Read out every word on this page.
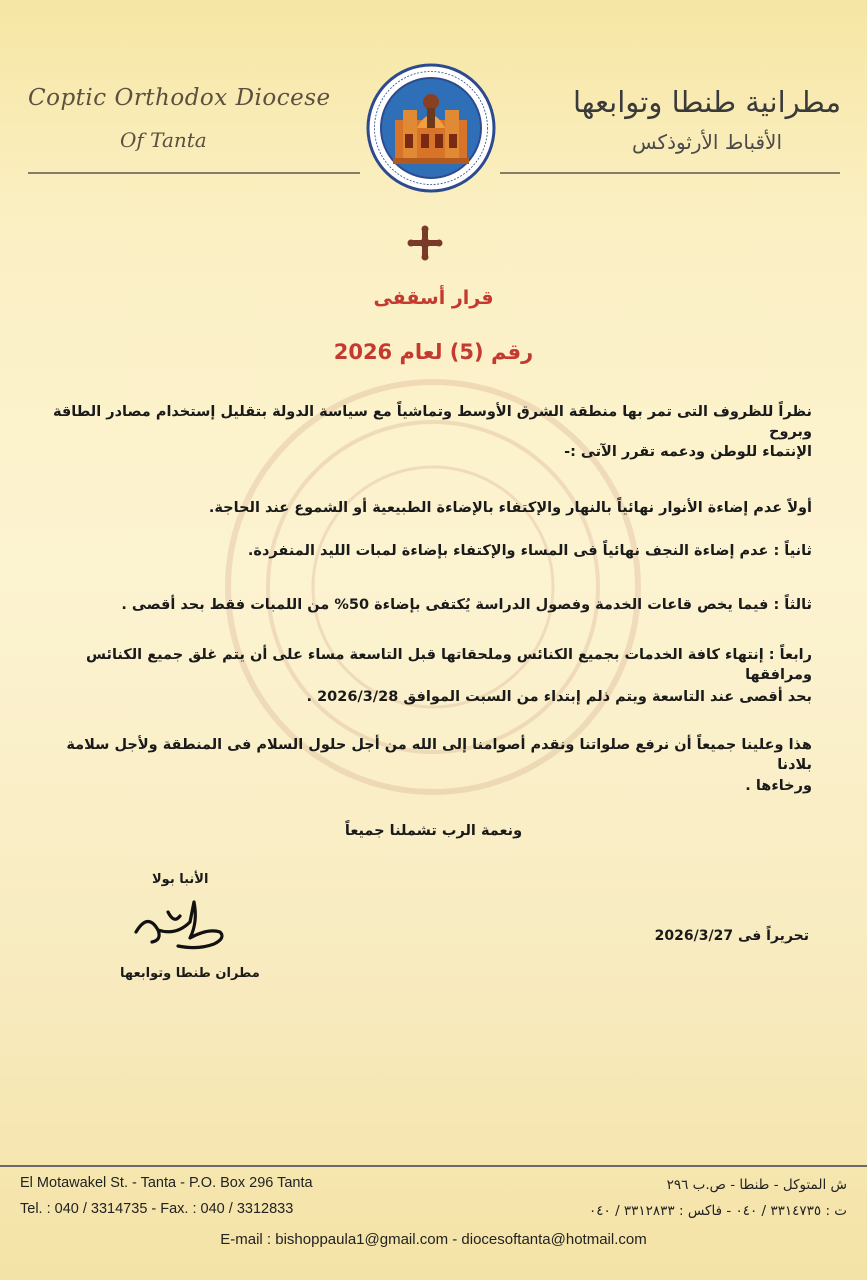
Coptic Orthodox Diocese
Of Tanta
مطرانية طنطا وتوابعها
الأقباط الأرثوذكس
قرار أسقفى
رقم (5) لعام 2026
نظراً للظروف التى تمر بها منطقة الشرق الأوسط وتماشياً مع سياسة الدولة بتقليل إستخدام مصادر الطاقة وبروح
الإنتماء للوطن ودعمه تقرر الآتى :-
أولاً عدم إضاءة الأنوار نهائياً بالنهار والإكتفاء بالإضاءة الطبيعية أو الشموع عند الحاجة.
ثانياً : عدم إضاءة النجف نهائياً فى المساء والإكتفاء بإضاءة لمبات الليد المنفردة.
ثالثاً : فيما يخص قاعات الخدمة وفصول الدراسة يُكتفى بإضاءة 50% من اللمبات فقط بحد أقصى .
رابعاً : إنتهاء كافة الخدمات بجميع الكنائس وملحقاتها قبل التاسعة مساء على أن يتم غلق جميع الكنائس ومرافقها
بحد أقصى عند التاسعة ويتم ذلم إبتداء من السبت الموافق 2026/3/28 .
هذا وعلينا جميعاً أن نرفع صلواتنا ونقدم أصوامنا إلى الله من أجل حلول السلام فى المنطقة ولأجل سلامة بلادنا
ورخاءها .
ونعمة الرب تشملنا جميعاً
الأنبا بولا
مطران طنطا وتوابعها
تحريراً فى 2026/3/27
El Motawakel St. - Tanta - P.O. Box 296 Tanta
Tel. : 040 / 3314735 - Fax. : 040 / 3312833
ش المتوكل - طنطا - ص.ب ٢٩٦
ت : ٣٣١٤٧٣٥ / ٠٤٠ - فاكس : ٣٣١٢٨٣٣ / ٠٤٠
E-mail : bishoppaula1@gmail.com - diocesoftanta@hotmail.com
